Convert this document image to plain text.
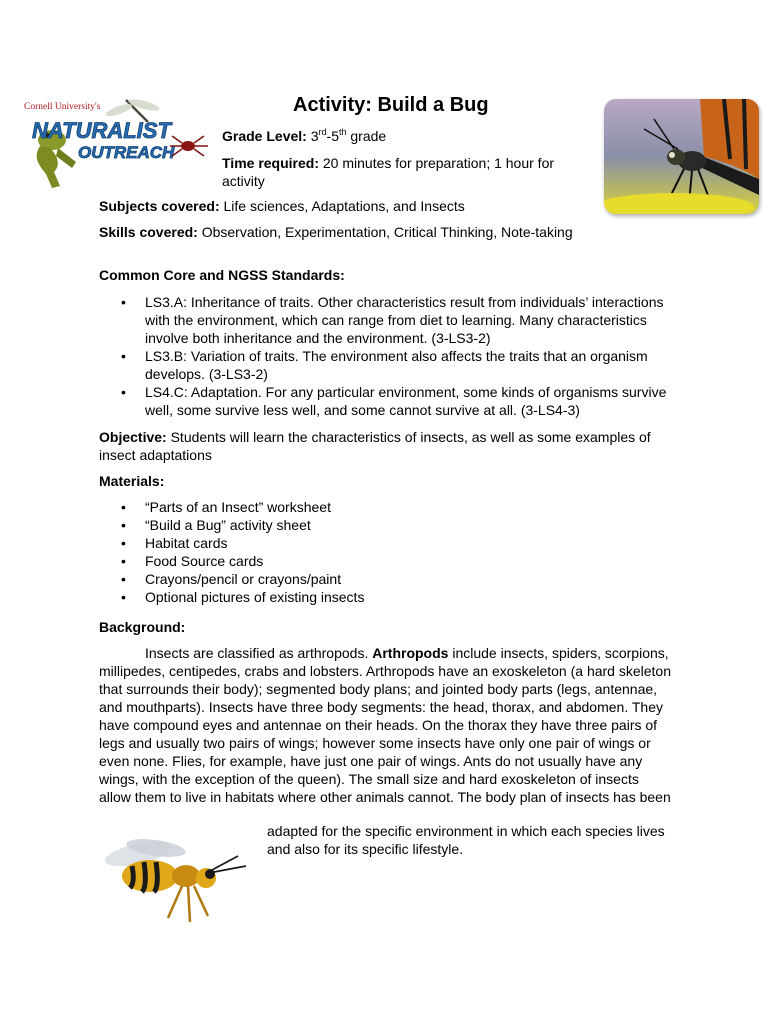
Cornell University's
NATURALIST
OUTREACH
Activity: Build a Bug
Grade Level: 3rd-5th grade
Time required: 20 minutes for preparation; 1 hour for activity
Subjects covered: Life sciences, Adaptations, and Insects
Skills covered: Observation, Experimentation, Critical Thinking, Note-taking
Common Core and NGSS Standards:
• LS3.A: Inheritance of traits. Other characteristics result from individuals’ interactions with the environment, which can range from diet to learning. Many characteristics involve both inheritance and the environment. (3-LS3-2)
• LS3.B: Variation of traits. The environment also affects the traits that an organism develops. (3-LS3-2)
• LS4.C: Adaptation. For any particular environment, some kinds of organisms survive well, some survive less well, and some cannot survive at all. (3-LS4-3)
Objective: Students will learn the characteristics of insects, as well as some examples of insect adaptations
Materials:
• “Parts of an Insect” worksheet
• “Build a Bug” activity sheet
• Habitat cards
• Food Source cards
• Crayons/pencil or crayons/paint
• Optional pictures of existing insects
Background:
Insects are classified as arthropods. Arthropods include insects, spiders, scorpions, millipedes, centipedes, crabs and lobsters. Arthropods have an exoskeleton (a hard skeleton that surrounds their body); segmented body plans; and jointed body parts (legs, antennae, and mouthparts). Insects have three body segments: the head, thorax, and abdomen. They have compound eyes and antennae on their heads. On the thorax they have three pairs of legs and usually two pairs of wings; however some insects have only one pair of wings or even none. Flies, for example, have just one pair of wings. Ants do not usually have any wings, with the exception of the queen). The small size and hard exoskeleton of insects allow them to live in habitats where other animals cannot. The body plan of insects has been
adapted for the specific environment in which each species lives and also for its specific lifestyle.
